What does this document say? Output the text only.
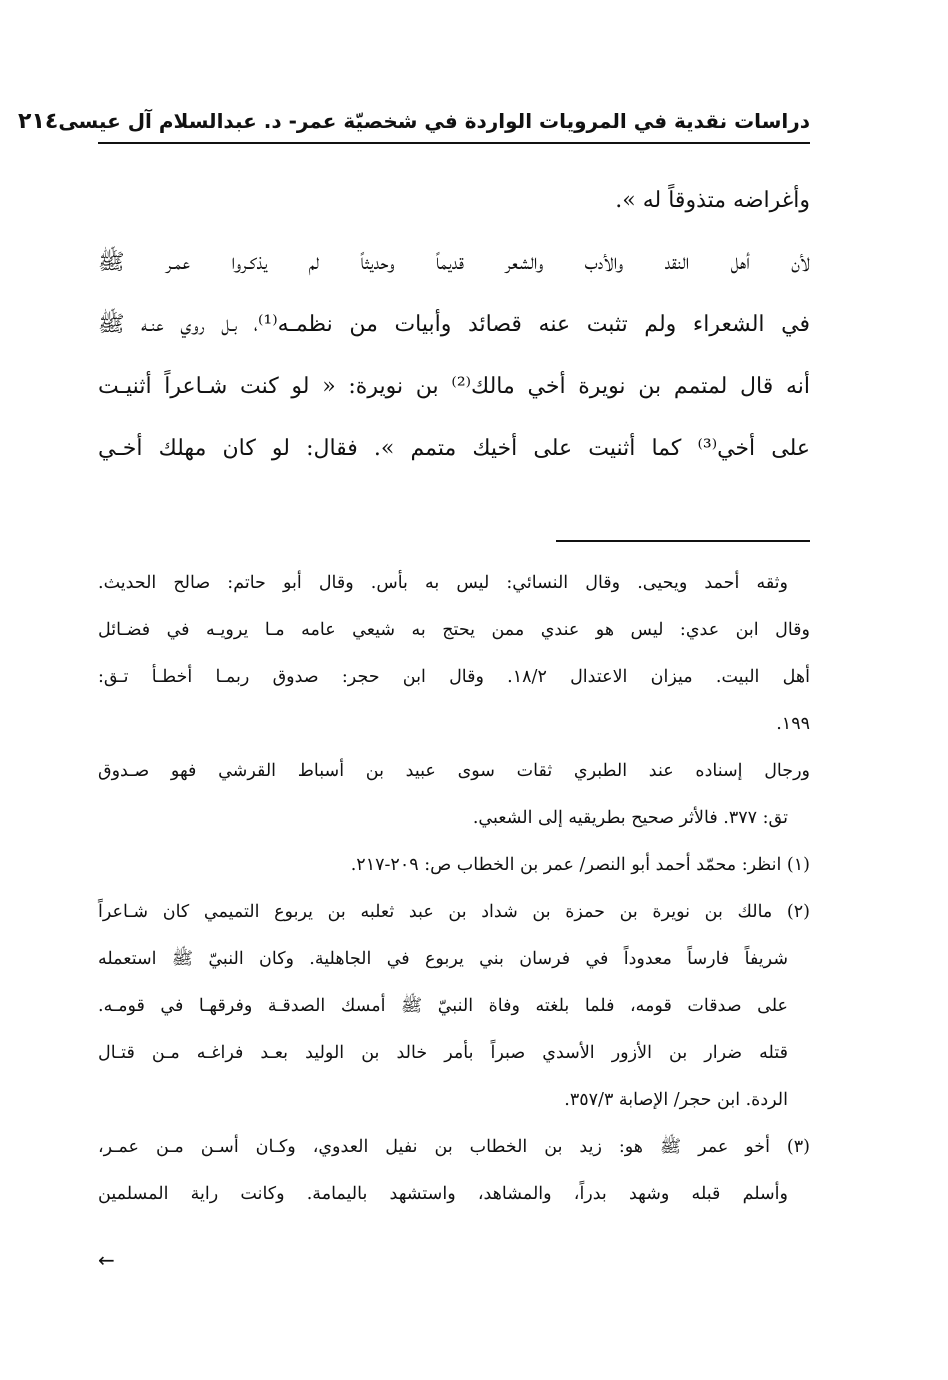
دراسات نقدية في المرويات الواردة في شخصيّة عمر- د. عبدالسلام آل عيسى
٢١٤
وأغراضه متذوقاً له ».
لأن أهل النقد والأدب والشعر قديماً وحديثاً لم يذكـروا عمـر ﷺ
في الشعراء ولم تثبت عنه قصائد وأبيات من نظمـه⁽¹⁾، بـل روي عنـه ﷺ
أنه قال لمتمم بن نويرة أخي مالك⁽²⁾ بن نويرة: « لو كنت شـاعراً أثنيـت
على أخي⁽³⁾ كما أثنيت على أخيك متمم ». فقال: لو كان مهلك أخـي
وثقه أحمد ويحيى. وقال النسائي: ليس به بأس. وقال أبو حاتم: صالح الحديث.
وقال ابن عدي: ليس هو عندي ممن يحتج به شيعي عامه مـا يرويـه في فضـائل
أهل البيت. ميزان الاعتدال ١٨/٢. وقال ابن حجر: صدوق ربمـا أخطـأ تـق:
١٩٩.
ورجال إسناده عند الطبري ثقات سوى عبيد بن أسباط القرشي فهو صـدوق
تق: ٣٧٧. فالأثر صحيح بطريقيه إلى الشعبي.
(١) انظر: محمّد أحمد أبو النصر/ عمر بن الخطاب ص: ٢٠٩-٢١٧.
(٢) مالك بن نويرة بن حمزة بن شداد بن عبد ثعلبه بن يربوع التميمي كان شـاعراً
شريفاً فارساً معدوداً في فرسان بني يربوع في الجاهلية. وكان النبيّ ﷺ استعمله
على صدقات قومه، فلما بلغته وفاة النبيّ ﷺ أمسك الصدقـة وفرقهـا في قومـه.
قتله ضرار بن الأزور الأسدي صبراً بأمر خالد بن الوليد بعـد فراغـه مـن قتـال
الردة. ابن حجر/ الإصابة ٣٥٧/٣.
(٣) أخو عمر ﷺ هو: زيد بن الخطاب بن نفيل العدوي، وكـان أسـن مـن عمـر،
وأسلم قبله وشهد بدراً، والمشاهد، واستشهد باليمامة. وكانت راية المسلمين
←
